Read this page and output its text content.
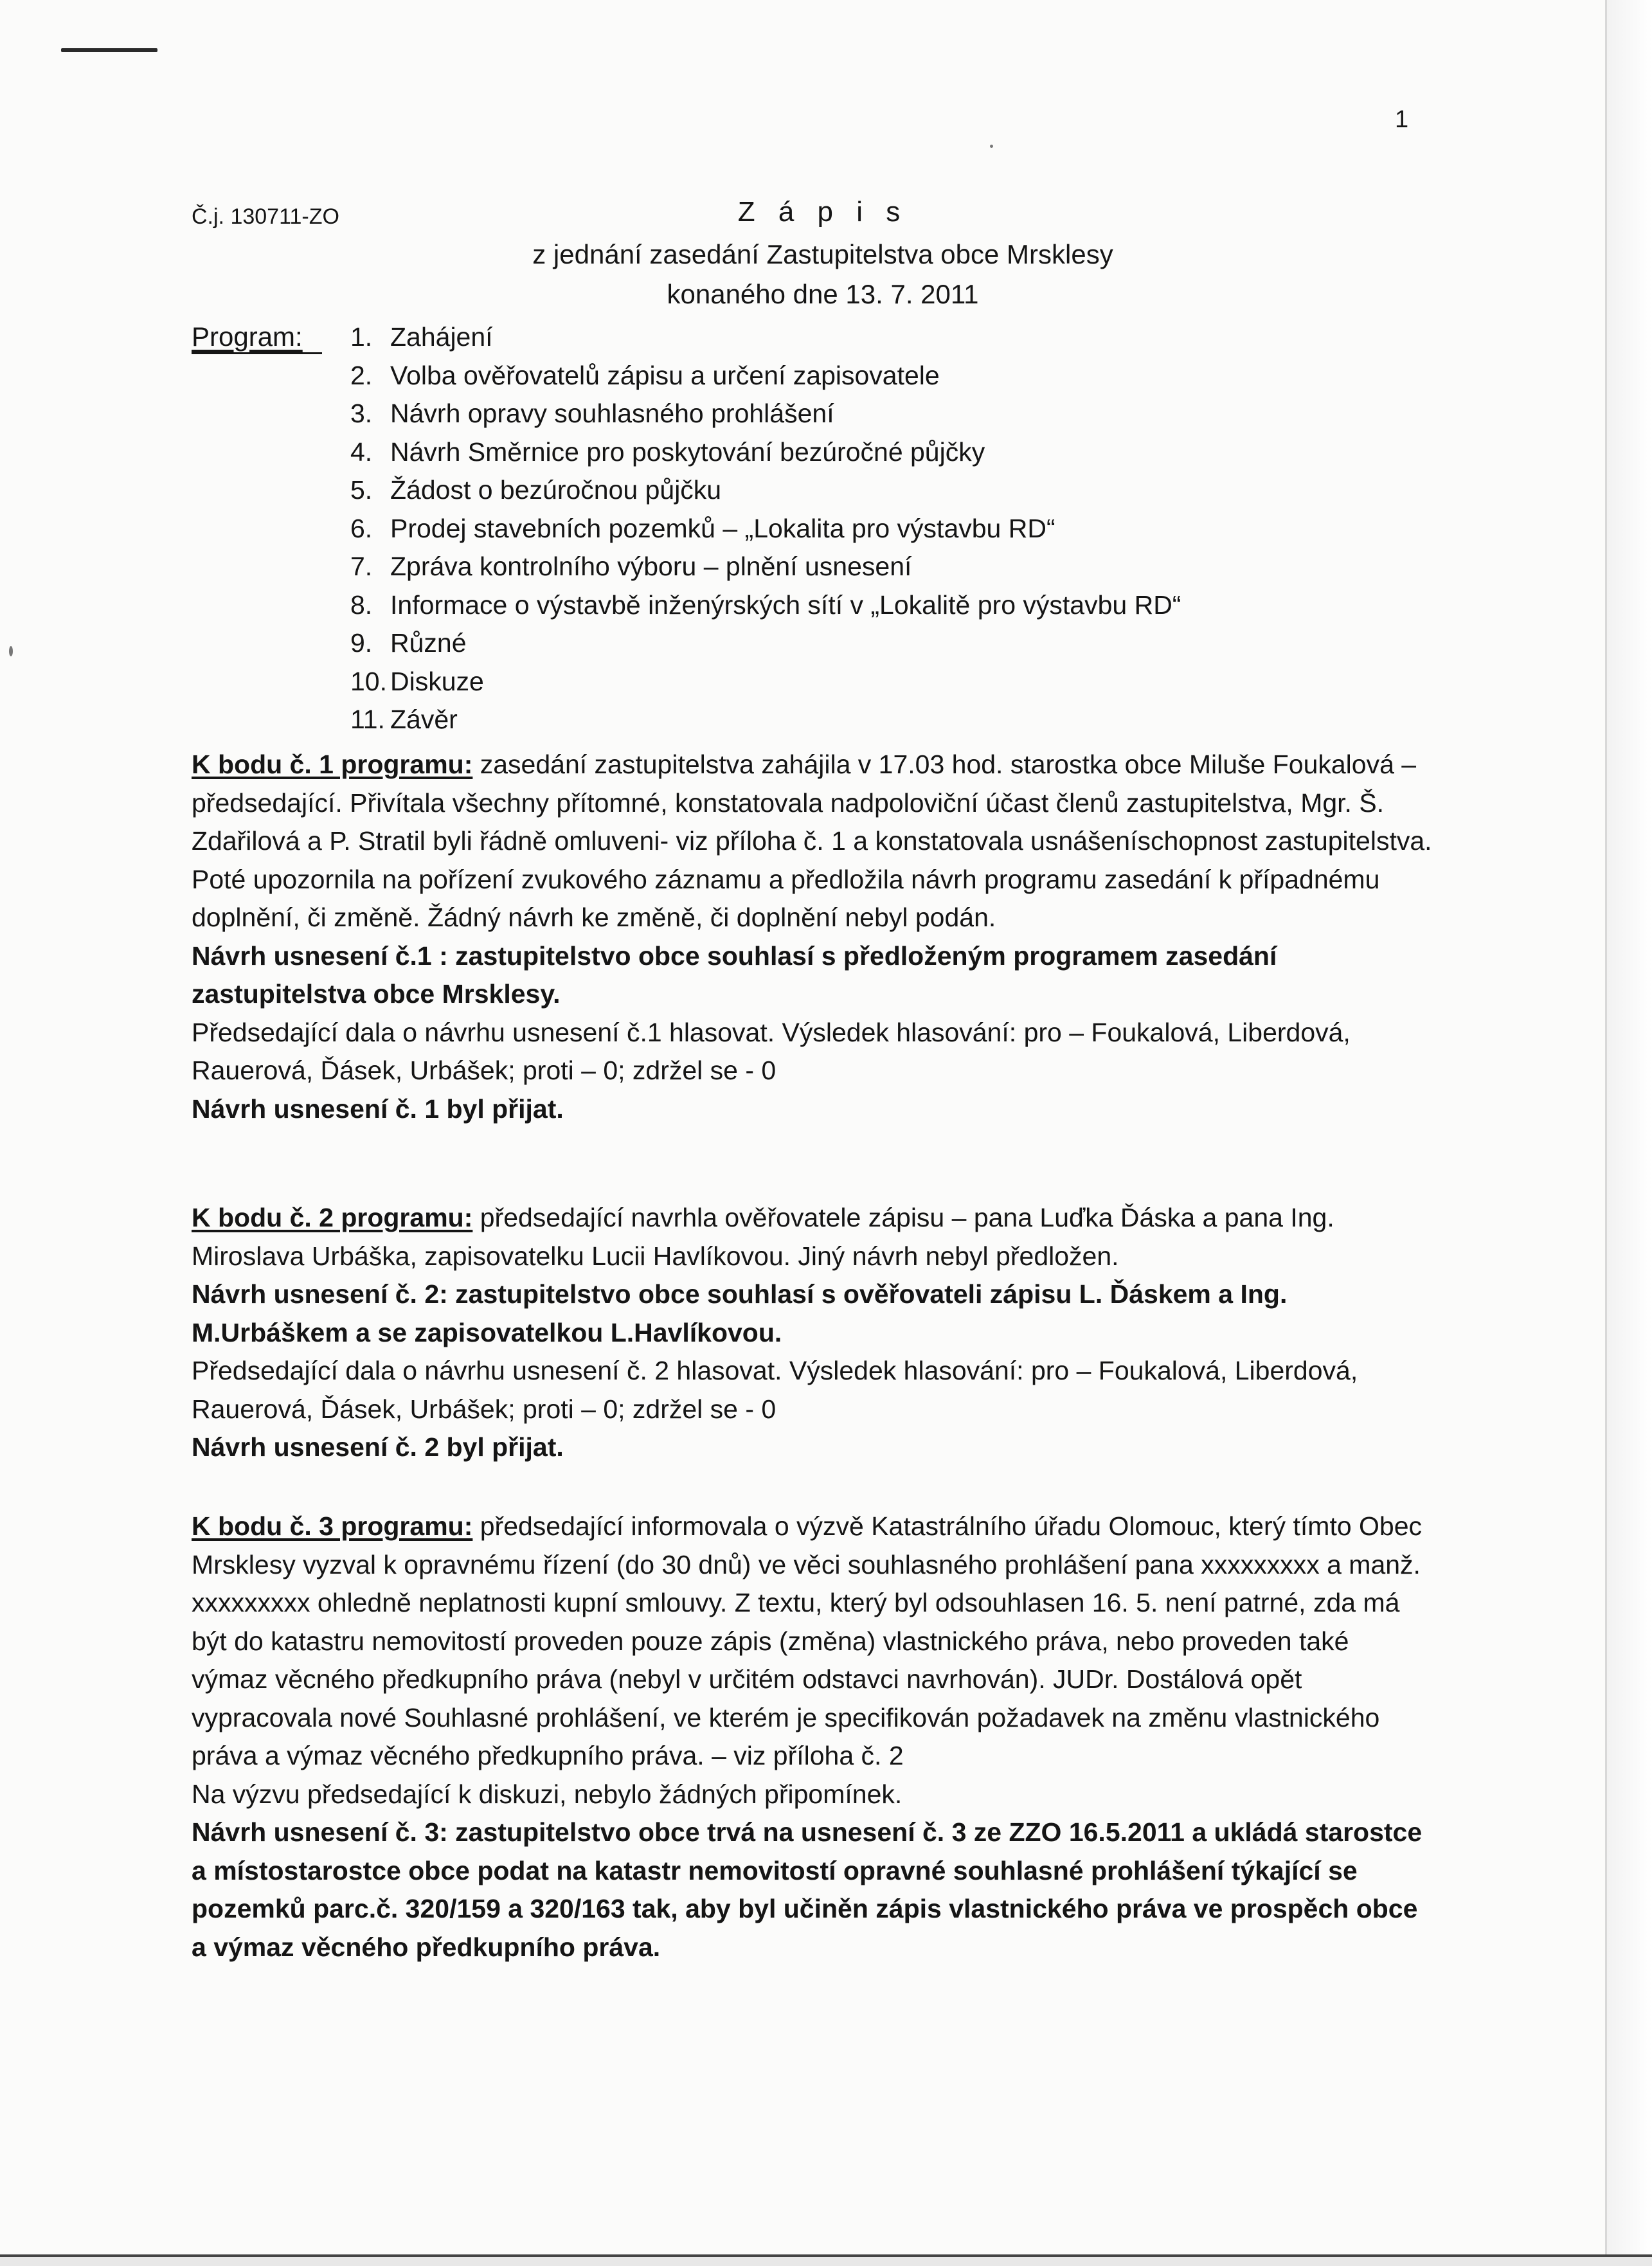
1
Č.j. 130711-ZO	Z á p i s
z jednání zasedání Zastupitelstva obce Mrsklesy
konaného dne 13. 7. 2011
Program:	1. Zahájení
2. Volba ověřovatelů zápisu a určení zapisovatele
3. Návrh opravy souhlasného prohlášení
4. Návrh Směrnice pro poskytování bezúročné půjčky
5. Žádost o bezúročnou půjčku
6. Prodej stavebních pozemků – „Lokalita pro výstavbu RD“
7. Zpráva kontrolního výboru – plnění usnesení
8. Informace o výstavbě inženýrských sítí v „Lokalitě pro výstavbu RD“
9. Různé
10. Diskuze
11. Závěr

K bodu č. 1 programu: zasedání zastupitelstva zahájila v 17.03 hod. starostka obce Miluše Foukalová – předsedající. Přivítala všechny přítomné, konstatovala nadpoloviční účast členů zastupitelstva, Mgr. Š. Zdařilová a P. Stratil byli řádně omluveni- viz příloha č. 1 a konstatovala usnášeníschopnost zastupitelstva. Poté upozornila na pořízení zvukového záznamu a předložila návrh programu zasedání k případnému doplnění, či změně. Žádný návrh ke změně, či doplnění nebyl podán.

Návrh usnesení č.1 : zastupitelstvo obce souhlasí s předloženým programem zasedání zastupitelstva obce Mrsklesy.

Předsedající dala o návrhu usnesení č.1 hlasovat. Výsledek hlasování: pro – Foukalová, Liberdová, Rauerová, Ďásek, Urbášek; proti – 0; zdržel se - 0

Návrh usnesení č. 1 byl přijat.

K bodu č. 2 programu: předsedající navrhla ověřovatele zápisu – pana Luďka Ďáska a pana Ing. Miroslava Urbáška, zapisovatelku Lucii Havlíkovou. Jiný návrh nebyl předložen.

Návrh usnesení č. 2: zastupitelstvo obce souhlasí s ověřovateli zápisu L. Ďáskem a Ing. M.Urbáškem a se zapisovatelkou L.Havlíkovou.

Předsedající dala o návrhu usnesení č. 2 hlasovat. Výsledek hlasování: pro – Foukalová, Liberdová, Rauerová, Ďásek, Urbášek; proti – 0; zdržel se - 0

Návrh usnesení č. 2 byl přijat.

K bodu č. 3 programu: předsedající informovala o výzvě Katastrálního úřadu Olomouc, který tímto Obec Mrsklesy vyzval k opravnému řízení (do 30 dnů) ve věci souhlasného prohlášení pana xxxxxxxxx a manž. xxxxxxxxx ohledně neplatnosti kupní smlouvy. Z textu, který byl odsouhlasen 16. 5. není patrné, zda má být do katastru nemovitostí proveden pouze zápis (změna) vlastnického práva, nebo proveden také výmaz věcného předkupního práva (nebyl v určitém odstavci navrhován). JUDr. Dostálová opět vypracovala nové Souhlasné prohlášení, ve kterém je specifikován požadavek na změnu vlastnického práva a výmaz věcného předkupního práva. – viz příloha č. 2

Na výzvu předsedající k diskuzi, nebylo žádných připomínek.

Návrh usnesení č. 3: zastupitelstvo obce trvá na usnesení č. 3 ze ZZO 16.5.2011 a ukládá starostce a místostarostce obce podat na katastr nemovitostí opravné souhlasné prohlášení týkající se pozemků parc.č. 320/159 a 320/163 tak, aby byl učiněn zápis vlastnického práva ve prospěch obce a výmaz věcného předkupního práva.
